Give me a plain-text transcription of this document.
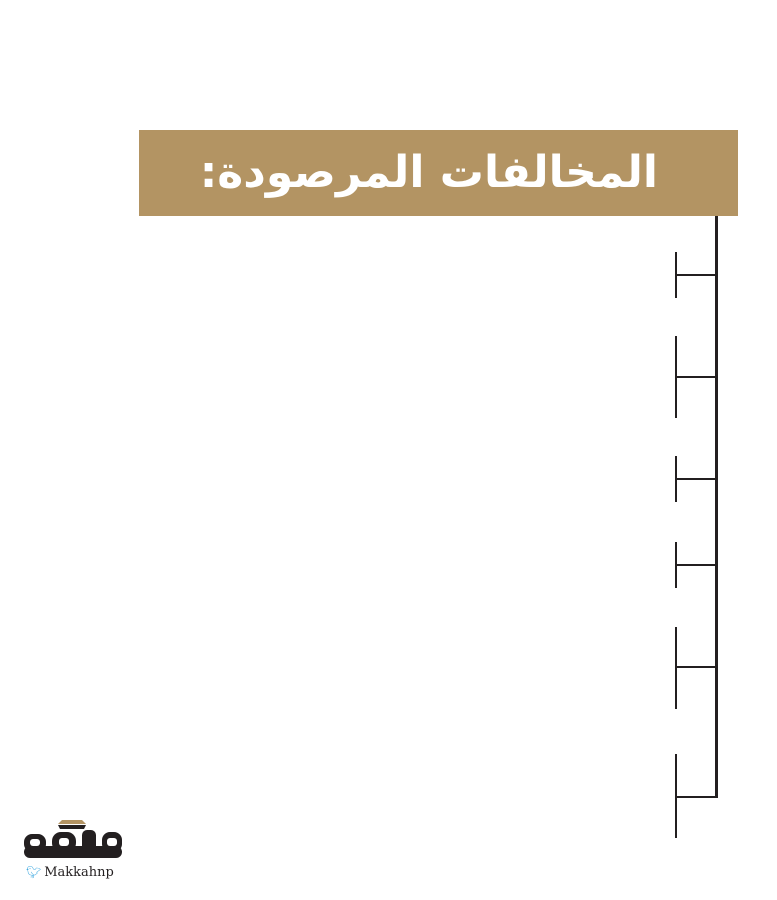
المخالفات المرصودة:
🐦︎ Makkahnp
